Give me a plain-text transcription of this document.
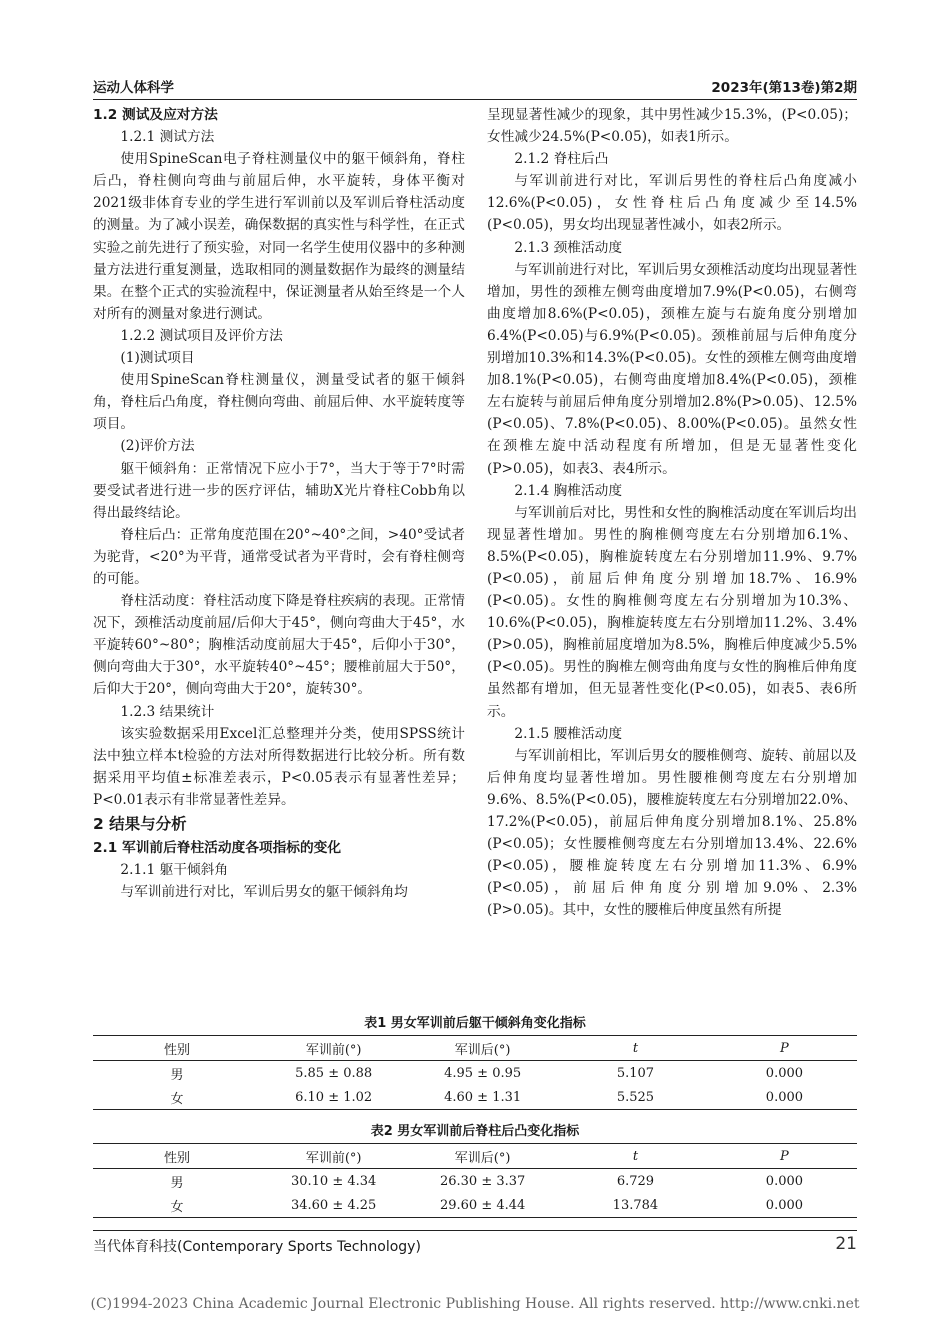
运动人体科学	2023年(第13卷)第2期
1.2 测试及应对方法
1.2.1 测试方法

使用SpineScan电子脊柱测量仪中的躯干倾斜角，脊柱后凸，脊柱侧向弯曲与前屈后伸，水平旋转，身体平衡对2021级非体育专业的学生进行军训前以及军训后脊柱活动度的测量。为了减小误差，确保数据的真实性与科学性，在正式实验之前先进行了预实验，对同一名学生使用仪器中的多种测量方法进行重复测量，选取相同的测量数据作为最终的测量结果。在整个正式的实验流程中，保证测量者从始至终是一个人对所有的测量对象进行测试。

1.2.2 测试项目及评价方法

(1)测试项目

使用SpineScan脊柱测量仪，测量受试者的躯干倾斜角，脊柱后凸角度，脊柱侧向弯曲、前屈后伸、水平旋转度等项目。

(2)评价方法

躯干倾斜角：正常情况下应小于7°，当大于等于7°时需要受试者进行进一步的医疗评估，辅助X光片脊柱Cobb角以得出最终结论。

脊柱后凸：正常角度范围在20°~40°之间，>40°受试者为驼背，<20°为平背，通常受试者为平背时，会有脊柱侧弯的可能。

脊柱活动度：脊柱活动度下降是脊柱疾病的表现。正常情况下，颈椎活动度前屈/后仰大于45°，侧向弯曲大于45°，水平旋转60°~80°；胸椎活动度前屈大于45°，后仰小于30°，侧向弯曲大于30°，水平旋转40°~45°；腰椎前屈大于50°，后仰大于20°，侧向弯曲大于20°，旋转30°。

1.2.3 结果统计

该实验数据采用Excel汇总整理并分类，使用SPSS统计法中独立样本t检验的方法对所得数据进行比较分析。所有数据采用平均值±标准差表示，P<0.05表示有显著性差异；P<0.01表示有非常显著性差异。

2 结果与分析
2.1 军训前后脊柱活动度各项指标的变化
2.1.1 躯干倾斜角

与军训前进行对比，军训后男女的躯干倾斜角均

呈现显著性减少的现象，其中男性减少15.3%，(P<0.05)；女性减少24.5%(P<0.05)，如表1所示。

2.1.2 脊柱后凸

与军训前进行对比，军训后男性的脊柱后凸角度减小12.6%(P<0.05)，女性脊柱后凸角度减少至14.5%(P<0.05)，男女均出现显著性减小，如表2所示。

2.1.3 颈椎活动度

与军训前进行对比，军训后男女颈椎活动度均出现显著性增加，男性的颈椎左侧弯曲度增加7.9%(P<0.05)，右侧弯曲度增加8.6%(P<0.05)，颈椎左旋与右旋角度分别增加6.4%(P<0.05)与6.9%(P<0.05)。颈椎前屈与后伸角度分别增加10.3%和14.3%(P<0.05)。女性的颈椎左侧弯曲度增加8.1%(P<0.05)，右侧弯曲度增加8.4%(P<0.05)，颈椎左右旋转与前屈后伸角度分别增加2.8%(P>0.05)、12.5%(P<0.05)、7.8%(P<0.05)、8.00%(P<0.05)。虽然女性在颈椎左旋中活动程度有所增加，但是无显著性变化(P>0.05)，如表3、表4所示。

2.1.4 胸椎活动度

与军训前后对比，男性和女性的胸椎活动度在军训后均出现显著性增加。男性的胸椎侧弯度左右分别增加6.1%、8.5%(P<0.05)，胸椎旋转度左右分别增加11.9%、9.7%(P<0.05)，前屈后伸角度分别增加18.7%、16.9%(P<0.05)。女性的胸椎侧弯度左右分别增加为10.3%、10.6%(P<0.05)，胸椎旋转度左右分别增加11.2%、3.4%(P>0.05)，胸椎前屈度增加为8.5%，胸椎后伸度减少5.5%(P<0.05)。男性的胸椎左侧弯曲角度与女性的胸椎后伸角度虽然都有增加，但无显著性变化(P<0.05)，如表5、表6所示。

2.1.5 腰椎活动度

与军训前相比，军训后男女的腰椎侧弯、旋转、前屈以及后伸角度均显著性增加。男性腰椎侧弯度左右分别增加9.6%、8.5%(P<0.05)，腰椎旋转度左右分别增加22.0%、17.2%(P<0.05)，前屈后伸角度分别增加8.1%、25.8%(P<0.05)；女性腰椎侧弯度左右分别增加13.4%、22.6%(P<0.05)，腰椎旋转度左右分别增加11.3%、6.9%(P<0.05)，前屈后伸角度分别增加9.0%、2.3%(P>0.05)。其中，女性的腰椎后伸度虽然有所提

表1 男女军训前后躯干倾斜角变化指标
性别	军训前(°)	军训后(°)	t	P
男	5.85 ± 0.88	4.95 ± 0.95	5.107	0.000
女	6.10 ± 1.02	4.60 ± 1.31	5.525	0.000
表2 男女军训前后脊柱后凸变化指标
性别	军训前(°)	军训后(°)	t	P
男	30.10 ± 4.34	26.30 ± 3.37	6.729	0.000
女	34.60 ± 4.25	29.60 ± 4.44	13.784	0.000
当代体育科技(Contemporary Sports Technology)	21
(C)1994-2023 China Academic Journal Electronic Publishing House. All rights reserved. http://www.cnki.net
